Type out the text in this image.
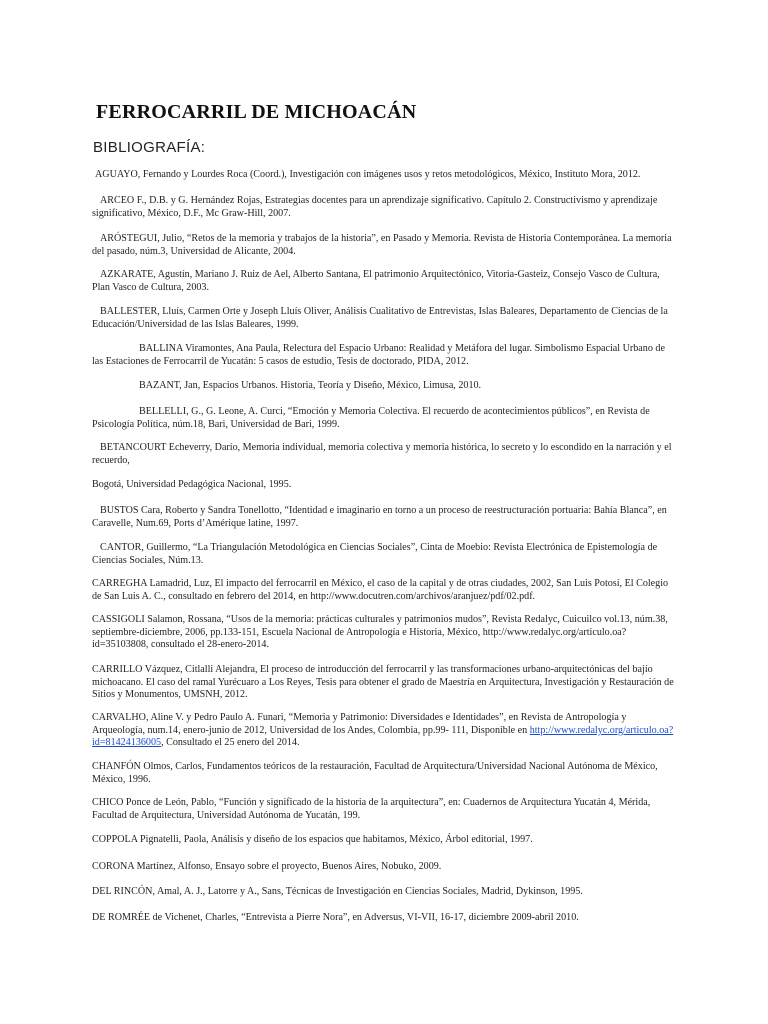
FERROCARRIL DE MICHOACÁN
BIBLIOGRAFÍA:
AGUAYO, Fernando y Lourdes Roca (Coord.), Investigación con imágenes usos y retos metodológicos, México, Instituto Mora, 2012.
ARCEO F., D.B. y G. Hernández Rojas, Estrategias docentes para un aprendizaje significativo. Capítulo 2. Constructivismo y aprendizaje significativo, México, D.F., Mc Graw-Hill, 2007.
ARÓSTEGUI, Julio, “Retos de la memoria y trabajos de la historia”, en Pasado y Memoria. Revista de Historia Contemporánea. La memoria del pasado, núm.3, Universidad de Alicante, 2004.
AZKARATE, Agustín, Mariano J. Ruiz de Ael, Alberto Santana, El patrimonio Arquitectónico, Vitoria-Gasteiz, Consejo Vasco de Cultura, Plan Vasco de Cultura, 2003.
BALLESTER, Lluís, Carmen Orte y Joseph Lluís Oliver, Análisis Cualitativo de Entrevistas, Islas Baleares, Departamento de Ciencias de la Educación/Universidad de las Islas Baleares, 1999.
BALLINA Viramontes, Ana Paula, Relectura del Espacio Urbano: Realidad y Metáfora del lugar. Simbolismo Espacial Urbano de las Estaciones de Ferrocarril de Yucatán: 5 casos de estudio, Tesis de doctorado, PIDA, 2012.
BAZANT, Jan, Espacios Urbanos. Historia, Teoría y Diseño, México, Limusa, 2010.
BELLELLI, G., G. Leone, A. Curci, “Emoción y Memoria Colectiva. El recuerdo de acontecimientos públicos”, en Revista de Psicología Política, núm.18, Bari, Universidad de Bari, 1999.
BETANCOURT Echeverry, Darío, Memoria individual, memoria colectiva y memoria histórica, lo secreto y lo escondido en la narración y el recuerdo,
Bogotá, Universidad Pedagógica Nacional, 1995.
BUSTOS Cara, Roberto y Sandra Tonellotto, “Identidad e imaginario en torno a un proceso de reestructuración portuaria: Bahía Blanca”, en Caravelle, Num.69, Ports d’Amérique latine, 1997.
CANTOR, Guillermo, “La Triangulación Metodológica en Ciencias Sociales”, Cinta de Moebio: Revista Electrónica de Epistemología de Ciencias Sociales, Núm.13.
CARREGHA Lamadrid, Luz, El impacto del ferrocarril en México, el caso de la capital y de otras ciudades, 2002, San Luis Potosí, El Colegio de San Luis A. C., consultado en febrero del 2014, en http://www.docutren.com/archivos/aranjuez/pdf/02.pdf.
CASSIGOLI Salamon, Rossana, “Usos de la memoria: prácticas culturales y patrimonios mudos”, Revista Redalyc, Cuicuilco vol.13, núm.38, septiembre-diciembre, 2006, pp.133-151, Escuela Nacional de Antropología e Historia, México, http://www.redalyc.org/articulo.oa?id=35103808, consultado el 28-enero-2014.
CARRILLO Vázquez, Citlalli Alejandra, El proceso de introducción del ferrocarril y las transformaciones urbano-arquitectónicas del bajío michoacano. El caso del ramal Yurécuaro a Los Reyes, Tesis para obtener el grado de Maestría en Arquitectura, Investigación y Restauración de Sitios y Monumentos, UMSNH, 2012.
CARVALHO, Aline V. y Pedro Paulo A. Funari, “Memoria y Patrimonio: Diversidades e Identidades”, en Revista de Antropología y Arqueología, num.14, enero-junio de 2012, Universidad de los Andes, Colombia, pp.99- 111, Disponible en http://www.redalyc.org/articulo.oa?id=81424136005, Consultado el 25 enero del 2014.
CHANFÓN Olmos, Carlos, Fundamentos teóricos de la restauración, Facultad de Arquitectura/Universidad Nacional Autónoma de México, México, 1996.
CHICO Ponce de León, Pablo, “Función y significado de la historia de la arquitectura”, en: Cuadernos de Arquitectura Yucatán 4, Mérida, Facultad de Arquitectura, Universidad Autónoma de Yucatán, 199.
COPPOLA Pignatelli, Paola, Análisis y diseño de los espacios que habitamos, México, Árbol editorial, 1997.
CORONA Martínez, Alfonso, Ensayo sobre el proyecto, Buenos Aires, Nobuko, 2009.
DEL RINCÓN, Amal, A. J., Latorre y A., Sans, Técnicas de Investigación en Ciencias Sociales, Madrid, Dykinson, 1995.
DE ROMRÉE de Vichenet, Charles, “Entrevista a Pierre Nora”, en Adversus, VI-VII, 16-17, diciembre 2009-abril 2010.
